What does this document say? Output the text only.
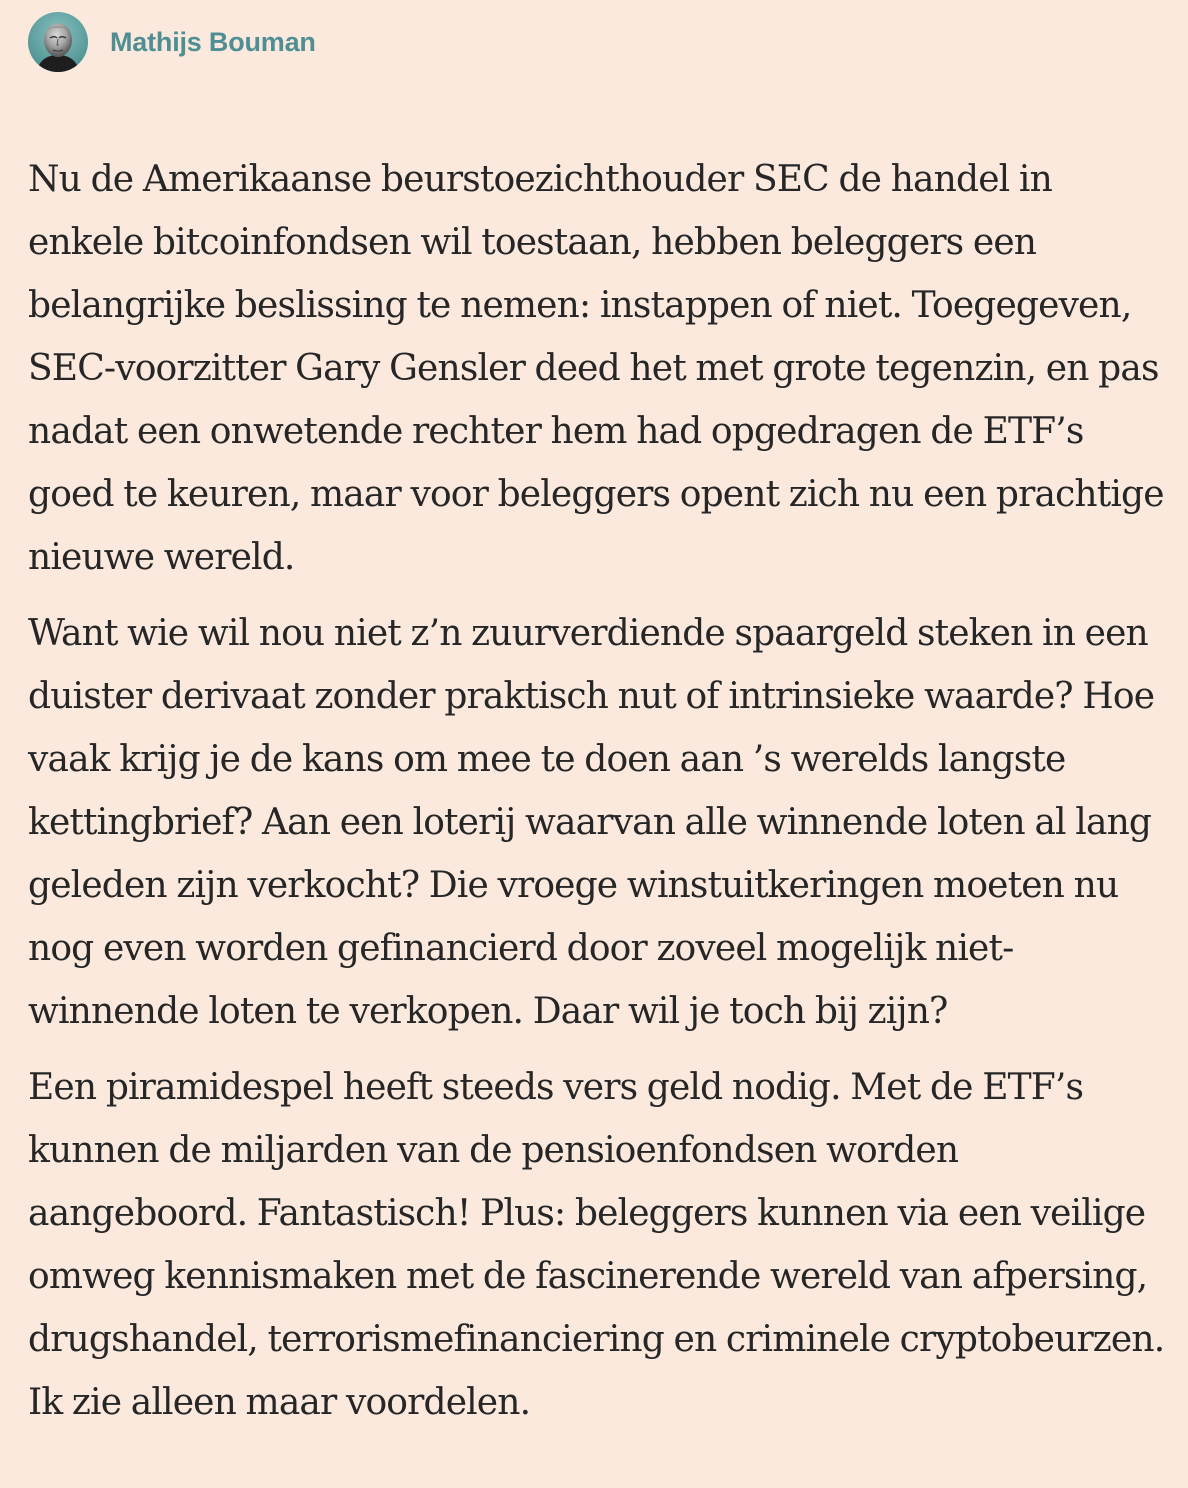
Mathijs Bouman

Nu de Amerikaanse beurstoezichthouder SEC de handel in enkele bitcoinfondsen wil toestaan, hebben beleggers een belangrijke beslissing te nemen: instappen of niet. Toegegeven, SEC-voorzitter Gary Gensler deed het met grote tegenzin, en pas nadat een onwetende rechter hem had opgedragen de ETF’s goed te keuren, maar voor beleggers opent zich nu een prachtige nieuwe wereld.

Want wie wil nou niet z’n zuurverdiende spaargeld steken in een duister derivaat zonder praktisch nut of intrinsieke waarde? Hoe vaak krijg je de kans om mee te doen aan ’s werelds langste kettingbrief? Aan een loterij waarvan alle winnende loten al lang geleden zijn verkocht? Die vroege winstuitkeringen moeten nu nog even worden gefinancierd door zoveel mogelijk niet-winnende loten te verkopen. Daar wil je toch bij zijn?

Een piramidespel heeft steeds vers geld nodig. Met de ETF’s kunnen de miljarden van de pensioenfondsen worden aangeboord. Fantastisch! Plus: beleggers kunnen via een veilige omweg kennismaken met de fascinerende wereld van afpersing, drugshandel, terrorismefinanciering en criminele cryptobeurzen. Ik zie alleen maar voordelen.
